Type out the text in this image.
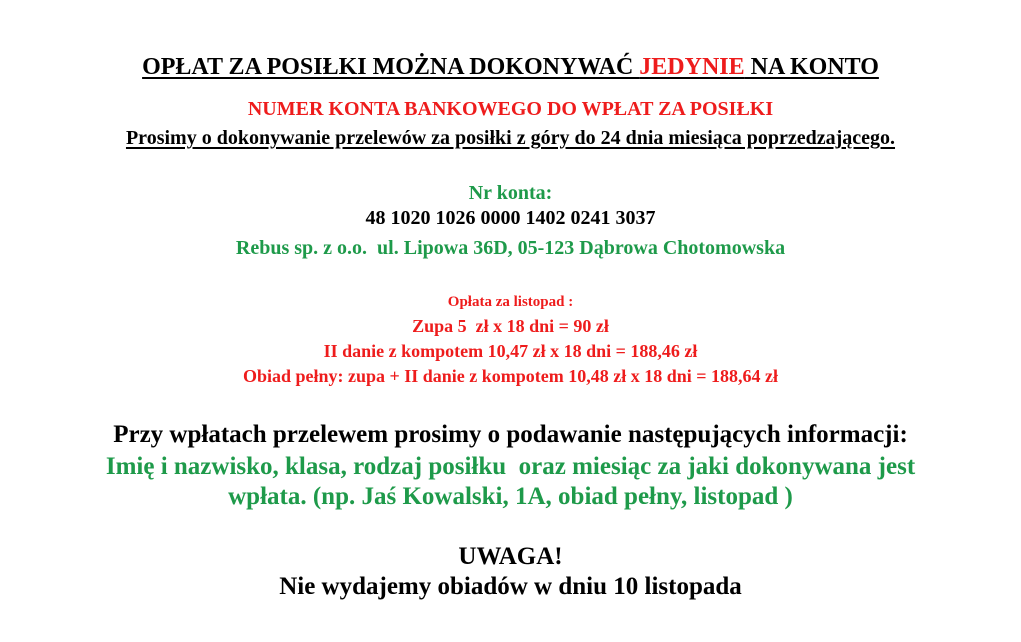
OPŁAT ZA POSIŁKI MOŻNA DOKONYWAĆ JEDYNIE NA KONTO
NUMER KONTA BANKOWEGO DO WPŁAT ZA POSIŁKI
Prosimy o dokonywanie przelewów za posiłki z góry do 24 dnia miesiąca poprzedzającego.
Nr konta:
48 1020 1026 0000 1402 0241 3037
Rebus sp. z o.o.  ul. Lipowa 36D, 05-123 Dąbrowa Chotomowska
Opłata za listopad :
Zupa 5  zł x 18 dni = 90 zł
II danie z kompotem 10,47 zł x 18 dni = 188,46 zł
Obiad pełny: zupa + II danie z kompotem 10,48 zł x 18 dni = 188,64 zł
Przy wpłatach przelewem prosimy o podawanie następujących informacji:
Imię i nazwisko, klasa, rodzaj posiłku  oraz miesiąc za jaki dokonywana jest
wpłata. (np. Jaś Kowalski, 1A, obiad pełny, listopad )
UWAGA!
Nie wydajemy obiadów w dniu 10 listopada
